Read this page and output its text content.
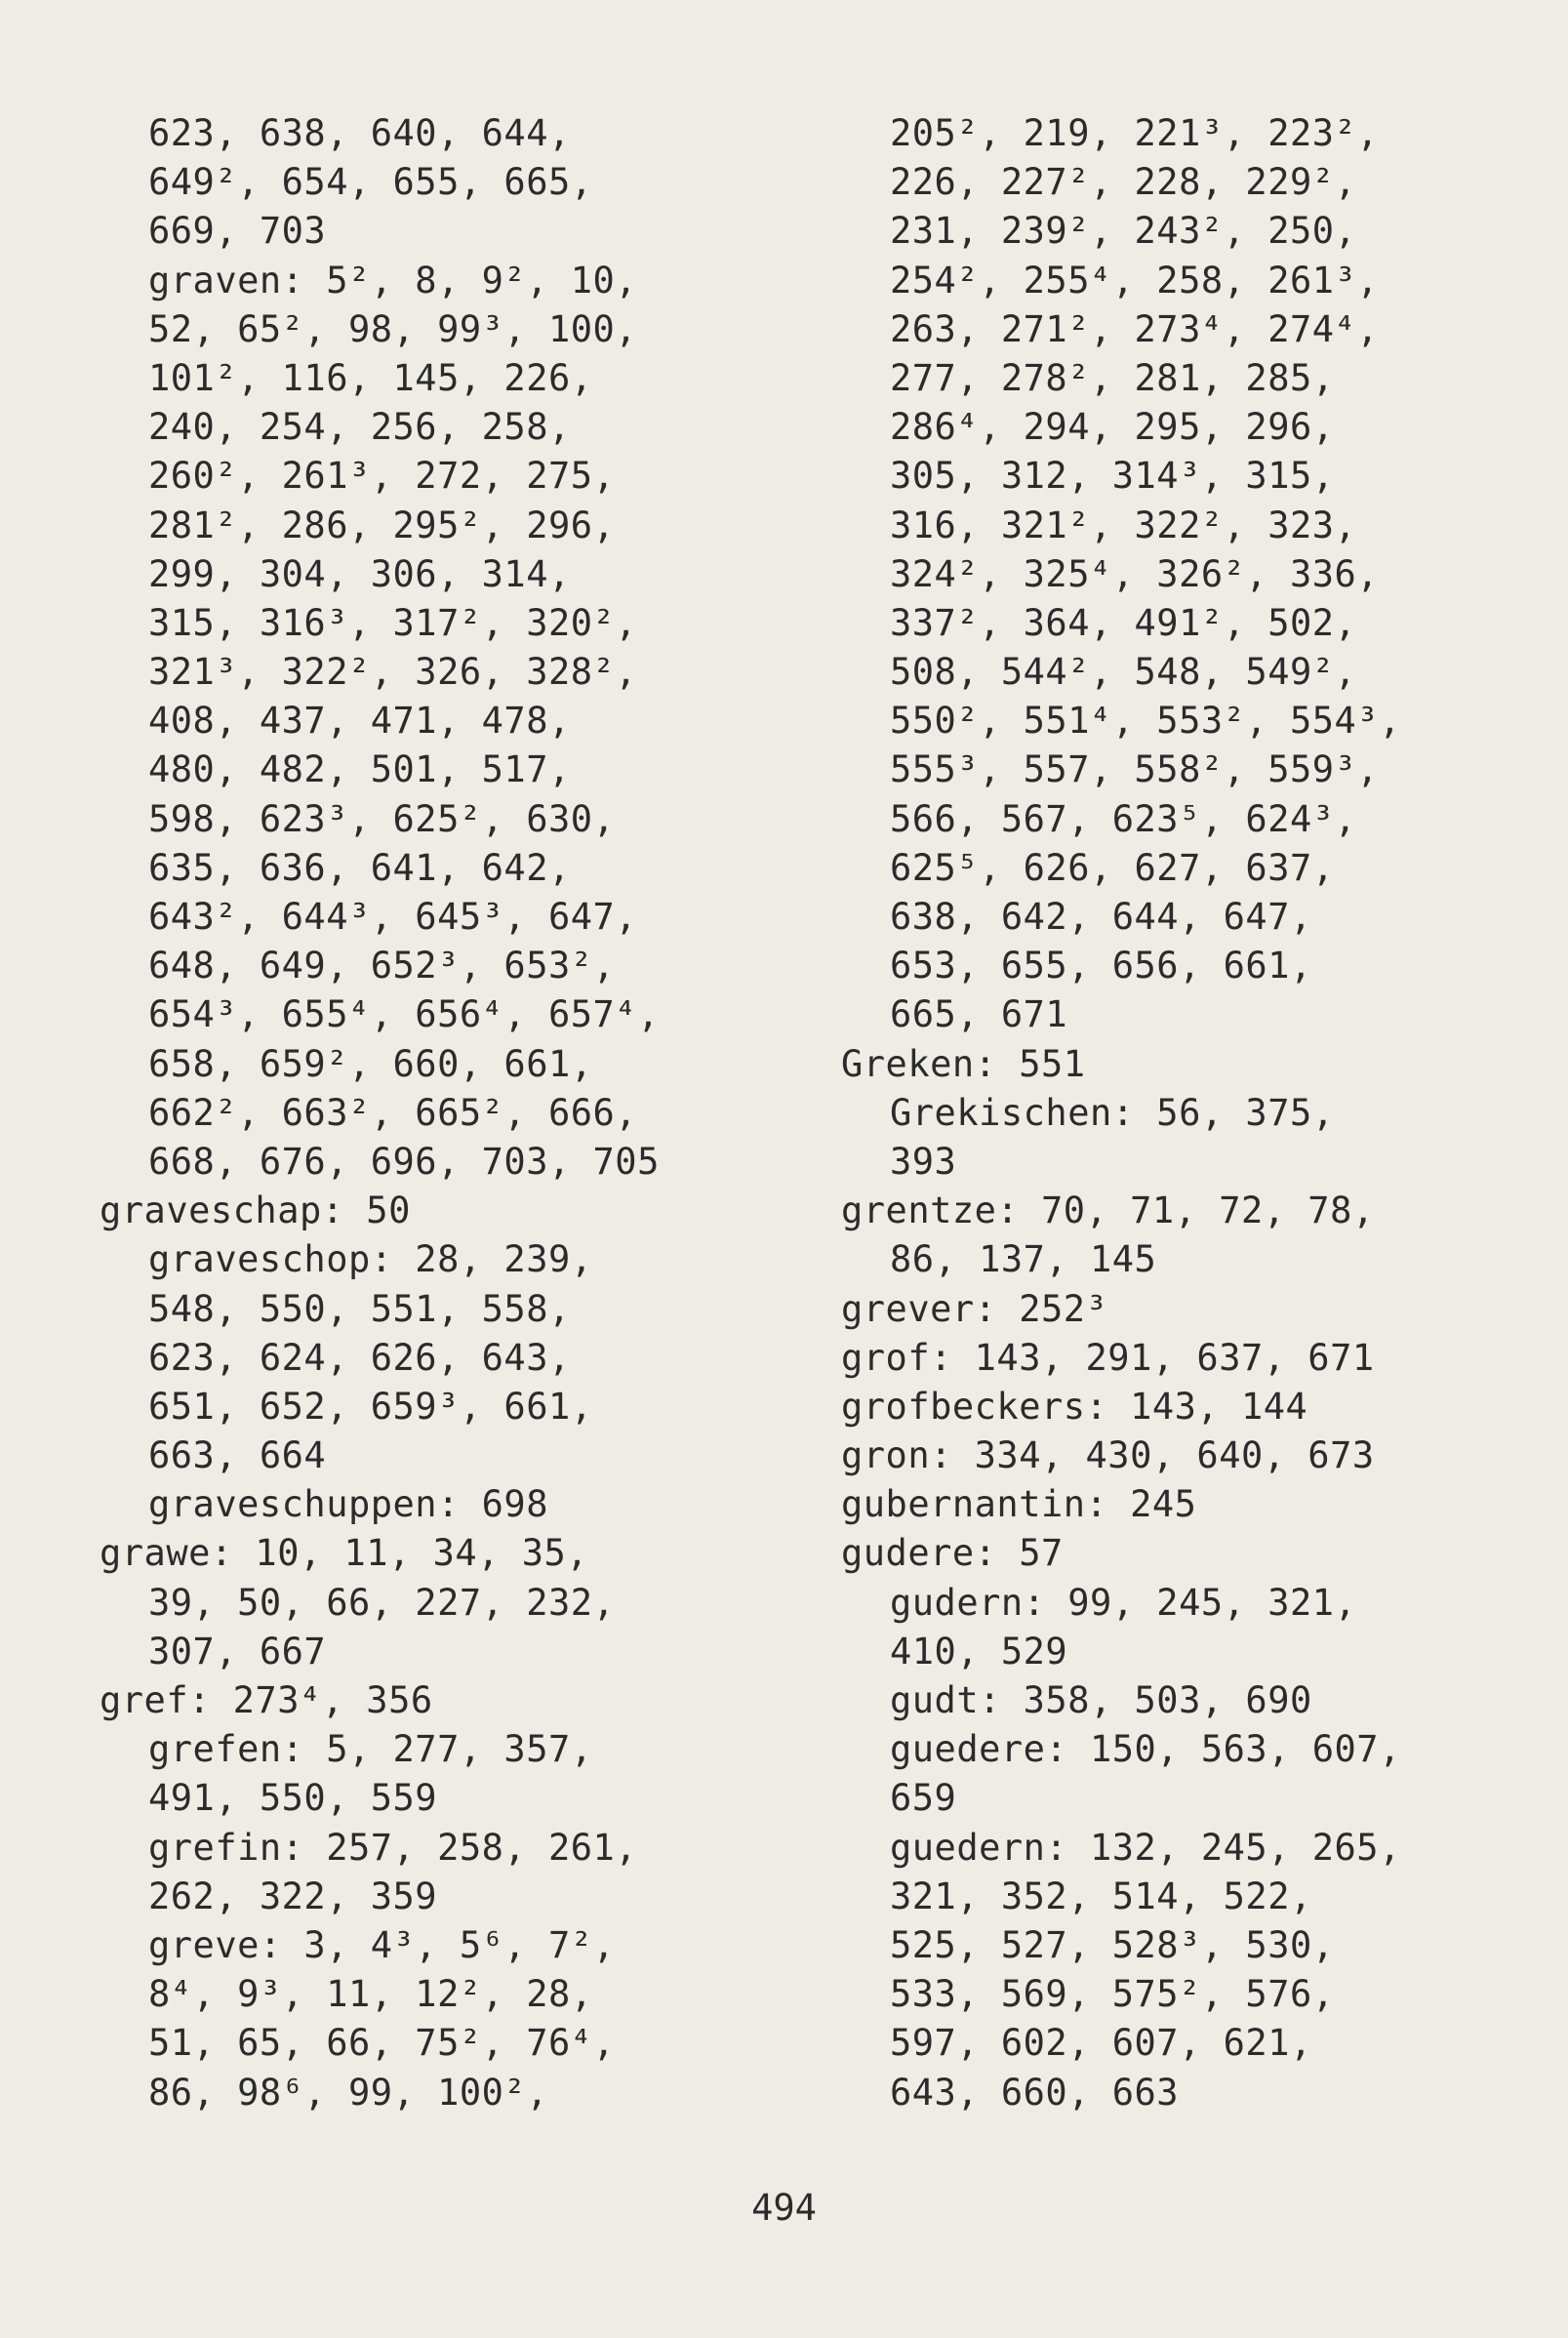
623, 638, 640, 644,
649², 654, 655, 665,
669, 703
graven: 5², 8, 9², 10,
52, 65², 98, 99³, 100,
101², 116, 145, 226,
240, 254, 256, 258,
260², 261³, 272, 275,
281², 286, 295², 296,
299, 304, 306, 314,
315, 316³, 317², 320²,
321³, 322², 326, 328²,
408, 437, 471, 478,
480, 482, 501, 517,
598, 623³, 625², 630,
635, 636, 641, 642,
643², 644³, 645³, 647,
648, 649, 652³, 653²,
654³, 655⁴, 656⁴, 657⁴,
658, 659², 660, 661,
662², 663², 665², 666,
668, 676, 696, 703, 705
graveschap: 50
graveschop: 28, 239,
548, 550, 551, 558,
623, 624, 626, 643,
651, 652, 659³, 661,
663, 664
graveschuppen: 698
grawe: 10, 11, 34, 35,
39, 50, 66, 227, 232,
307, 667
gref: 273⁴, 356
grefen: 5, 277, 357,
491, 550, 559
grefin: 257, 258, 261,
262, 322, 359
greve: 3, 4³, 5⁶, 7²,
8⁴, 9³, 11, 12², 28,
51, 65, 66, 75², 76⁴,
86, 98⁶, 99, 100²,
205², 219, 221³, 223²,
226, 227², 228, 229²,
231, 239², 243², 250,
254², 255⁴, 258, 261³,
263, 271², 273⁴, 274⁴,
277, 278², 281, 285,
286⁴, 294, 295, 296,
305, 312, 314³, 315,
316, 321², 322², 323,
324², 325⁴, 326², 336,
337², 364, 491², 502,
508, 544², 548, 549²,
550², 551⁴, 553², 554³,
555³, 557, 558², 559³,
566, 567, 623⁵, 624³,
625⁵, 626, 627, 637,
638, 642, 644, 647,
653, 655, 656, 661,
665, 671
Greken: 551
Grekischen: 56, 375,
393
grentze: 70, 71, 72, 78,
86, 137, 145
grever: 252³
grof: 143, 291, 637, 671
grofbeckers: 143, 144
gron: 334, 430, 640, 673
gubernantin: 245
gudere: 57
gudern: 99, 245, 321,
410, 529
gudt: 358, 503, 690
guedere: 150, 563, 607,
659
guedern: 132, 245, 265,
321, 352, 514, 522,
525, 527, 528³, 530,
533, 569, 575², 576,
597, 602, 607, 621,
643, 660, 663
494
